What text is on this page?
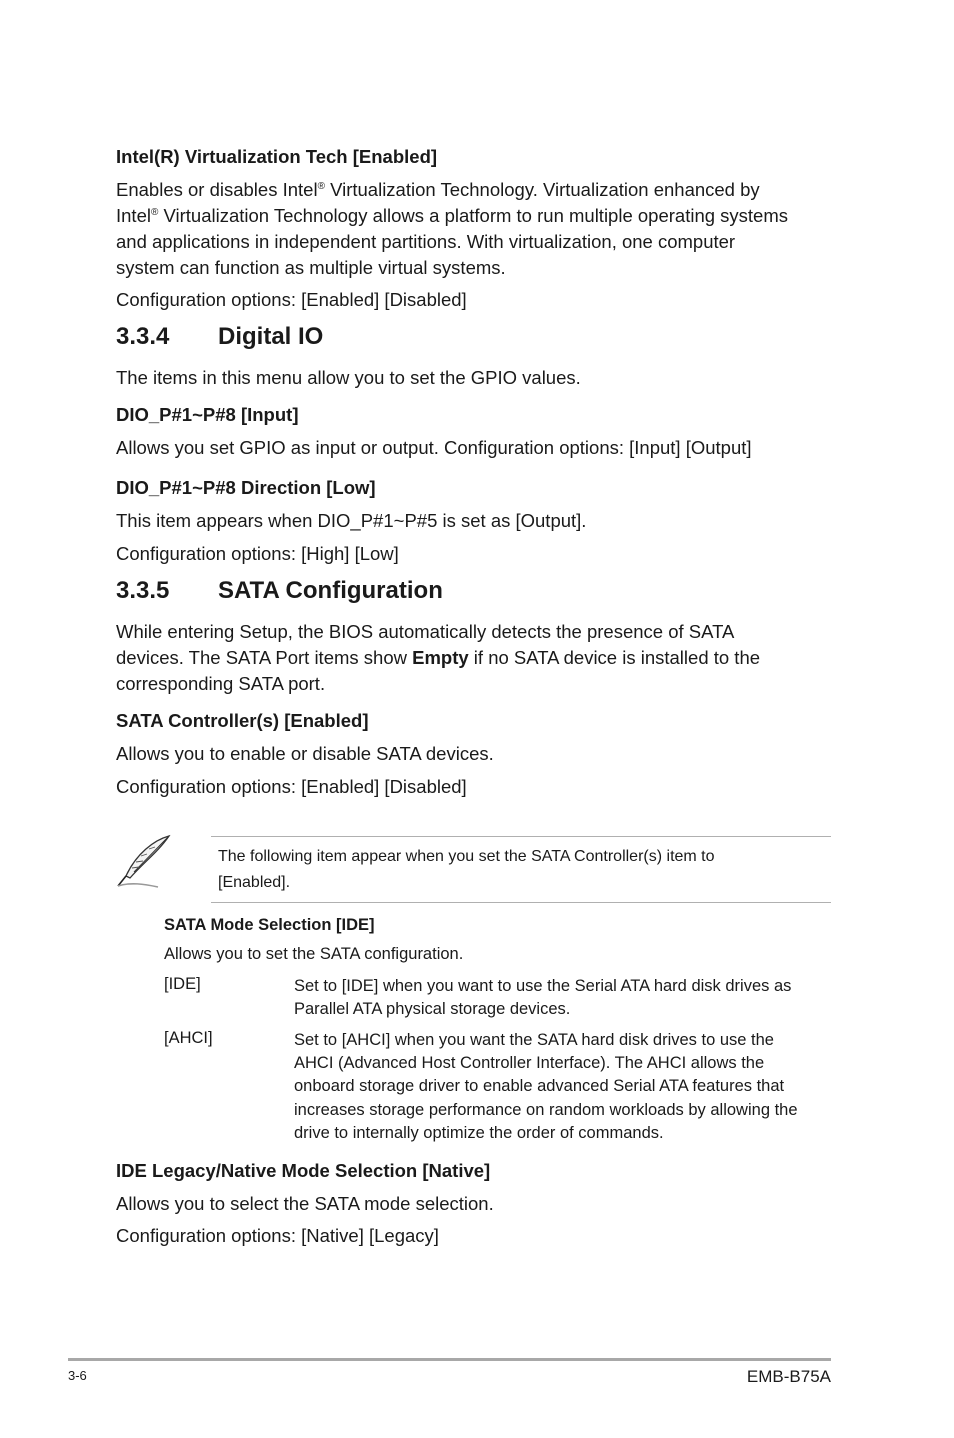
Intel(R) Virtualization Tech [Enabled]
Enables or disables Intel® Virtualization Technology. Virtualization enhanced by
Intel® Virtualization Technology allows a platform to run multiple operating systems
and applications in independent partitions. With virtualization, one computer
system can function as multiple virtual systems.
Configuration options: [Enabled] [Disabled]
3.3.4 Digital IO
The items in this menu allow you to set the GPIO values.
DIO_P#1~P#8 [Input]
Allows you set GPIO as input or output. Configuration options: [Input] [Output]
DIO_P#1~P#8 Direction [Low]
This item appears when DIO_P#1~P#5 is set as [Output].
Configuration options: [High] [Low]
3.3.5 SATA Configuration
While entering Setup, the BIOS automatically detects the presence of SATA
devices. The SATA Port items show Empty if no SATA device is installed to the
corresponding SATA port.
SATA Controller(s) [Enabled]
Allows you to enable or disable SATA devices.
Configuration options: [Enabled] [Disabled]
The following item appear when you set the SATA Controller(s) item to
[Enabled].
SATA Mode Selection [IDE]
Allows you to set the SATA configuration.
[IDE]	Set to [IDE] when you want to use the Serial ATA hard disk drives as
Parallel ATA physical storage devices.
[AHCI]	Set to [AHCI] when you want the SATA hard disk drives to use the
AHCI (Advanced Host Controller Interface). The AHCI allows the
onboard storage driver to enable advanced Serial ATA features that
increases storage performance on random workloads by allowing the
drive to internally optimize the order of commands.
IDE Legacy/Native Mode Selection [Native]
Allows you to select the SATA mode selection.
Configuration options: [Native] [Legacy]
3-6	EMB-B75A
